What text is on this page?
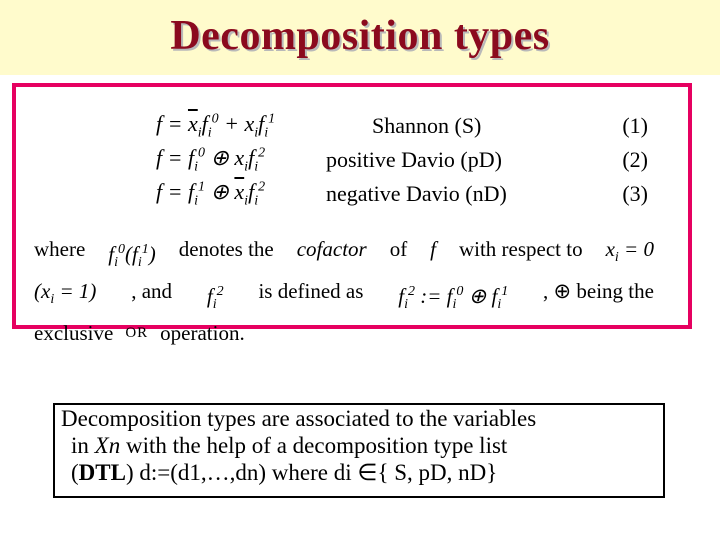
Decomposition types
$f = \overline{x}_if_i^0 + x_if_i^1$	Shannon (S)	(1)
$f = f_i^0$ ⊕ $x_if_i^2$	positive Davio (pD)	(2)
$f = f_i^1$ ⊕ $\overline{x}_if_i^2$	negative Davio (nD)	(3)
where $f_i^0(f_i^1)$ denotes the cofactor of f with respect to $x_i = 0$
$(x_i = 1)$ , and $f_i^2$ is defined as $f_i^2$ := $f_i^0$ ⊕ $f_i^1$ , ⊕ being the
exclusive OR operation.
Decomposition types are associated to the variables
in Xn with the help of a decomposition type list
(DTL) d:=(d1,…,dn) where di ∈{ S, pD, nD}
